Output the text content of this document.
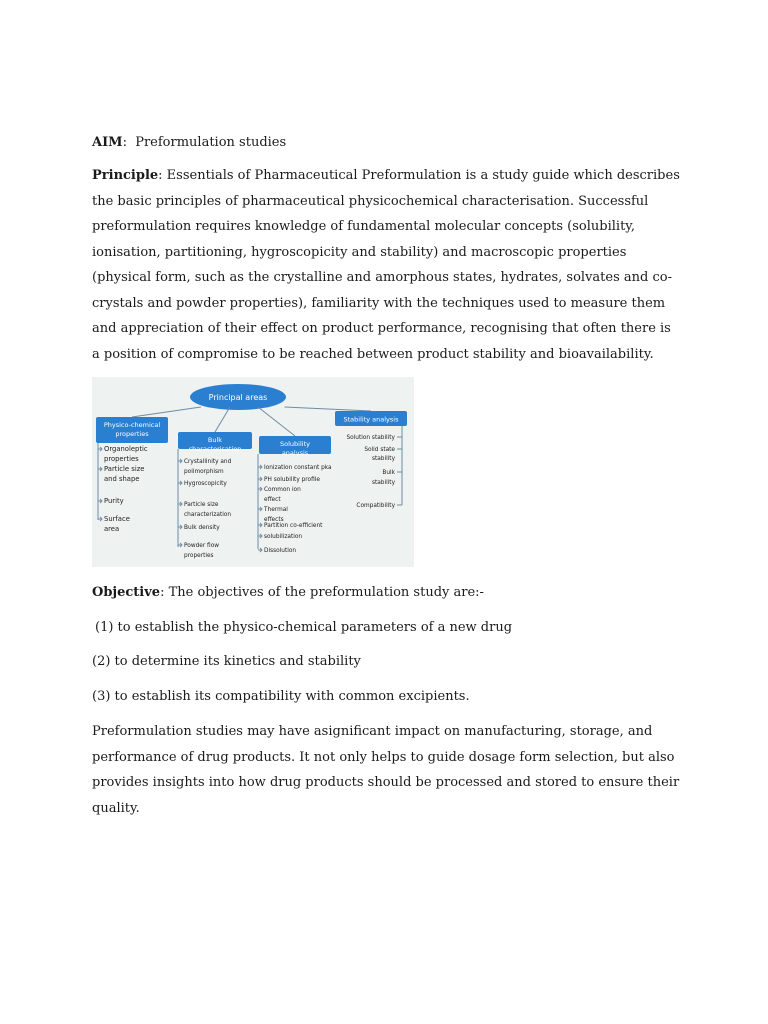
AIM:  Preformulation studies
Principle: Essentials of Pharmaceutical Preformulation is a study guide which describes the basic principles of pharmaceutical physicochemical characterisation. Successful preformulation requires knowledge of fundamental molecular concepts (solubility, ionisation, partitioning, hygroscopicity and stability) and macroscopic properties (physical form, such as the crystalline and amorphous states, hydrates, solvates and co-crystals and powder properties), familiarity with the techniques used to measure them and appreciation of their effect on product performance, recognising that often there is a position of compromise to be reached between product stability and bioavailability.
Principal areas
Physico-chemical
properties
Organoleptic
properties
Particle size
and shape
Purity
Surface
area
Bulk
characterisation
Crystallinity and
polimorphism
Hygroscopicity
Particle size
characterization
Bulk density
Powder flow
properties
Solubility
analysis
Ionization constant pka
PH solubility profile
Common ion
effect
Thermal
effects
Partition co-efficient
solubilization
Dissolution
Stability analysis
Solution stability
Solid state
stability
Bulk
stability
Compatibility
Objective: The objectives of the preformulation study are:-
(1) to establish the physico-chemical parameters of a new drug
(2) to determine its kinetics and stability
(3) to establish its compatibility with common excipients.
Preformulation studies may have asignificant impact on manufacturing, storage, and performance of drug products. It not only helps to guide dosage form selection, but also provides insights into how drug products should be processed and stored to ensure their quality.
